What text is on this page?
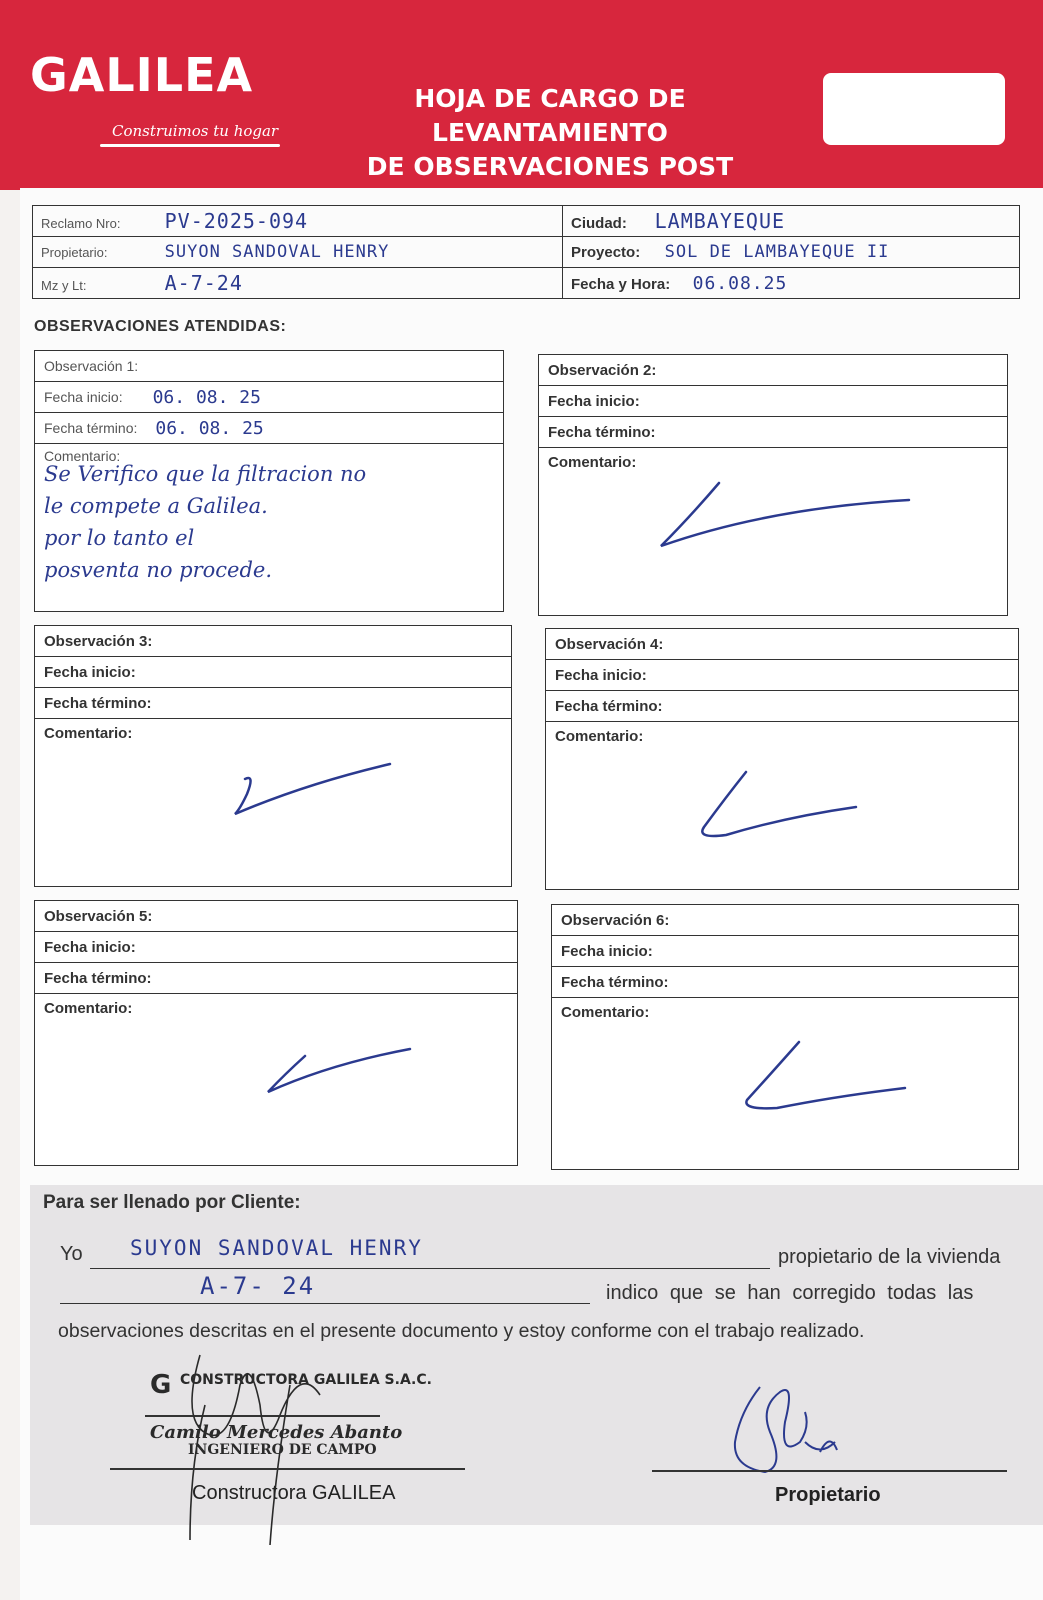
GALILEA
Construimos tu hogar
HOJA DE CARGO DE LEVANTAMIENTO
DE OBSERVACIONES POST
Reclamo Nro: PV-2025-094	Ciudad: LAMBAYEQUE
Propietario: SUYON SANDOVAL HENRY	Proyecto: SOL DE LAMBAYEQUE II
Mz y Lt: A-7-24	Fecha y Hora: 06.08.25
OBSERVACIONES ATENDIDAS:
Observación 1:
Fecha inicio: 06. 08. 25
Fecha término: 06. 08. 25
Comentario:
Se Verifico que la filtracion no
le compete a Galilea.
por lo tanto el
posventa no procede.
Observación 2:
Fecha inicio:
Fecha término:
Comentario:
Observación 3:
Fecha inicio:
Fecha término:
Comentario:
Observación 4:
Fecha inicio:
Fecha término:
Comentario:
Observación 5:
Fecha inicio:
Fecha término:
Comentario:
Observación 6:
Fecha inicio:
Fecha término:
Comentario:
Para ser llenado por Cliente:
Yo SUYON SANDOVAL HENRY	propietario de la vivienda
A-7- 24	indico que se han corregido todas las
observaciones descritas en el presente documento y estoy conforme con el trabajo realizado.
G CONSTRUCTORA GALILEA S.A.C.
Camilo Mercedes Abanto
INGENIERO DE CAMPO
Constructora GALILEA	Propietario
